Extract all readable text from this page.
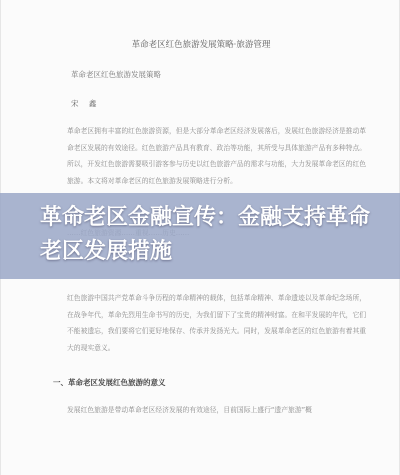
革命老区红色旅游发展策略·旅游管理
革命老区红色旅游发展策略
宋 鑫
革命老区拥有丰富的红色旅游资源，但是大部分革命老区经济发展落后，发展红色旅游经济是推动革命老区发展的有效途径。红色旅游产品具有教育、政治等功能，其所受与具体旅游产品有多种特点。所以，开发红色旅游需要吸引游客参与历史以红色旅游产品的需求与功能，大力发展革命老区的红色旅游。本文将对革命老区的红色旅游发展策略进行分析。
红色旅游中国共产党革命斗争历程的革命精神的载体，包括革命精神、革命遗迹以及革命纪念场所，在战争年代，革命先烈用生命书写的历史，为我们留下了宝贵的精神财富。在和平发展的年代，它们不能被遗忘，我们要将它们更好地保存、传承并发扬光大。同时，发展革命老区的红色旅游有着其重大的现实意义。
一、革命老区发展红色旅游的意义
发展红色旅游是带动革命老区经济发展的有效途径，目前国际上盛行“遗产旅游”概
革命老区金融宣传：金融支持革命老区发展措施
